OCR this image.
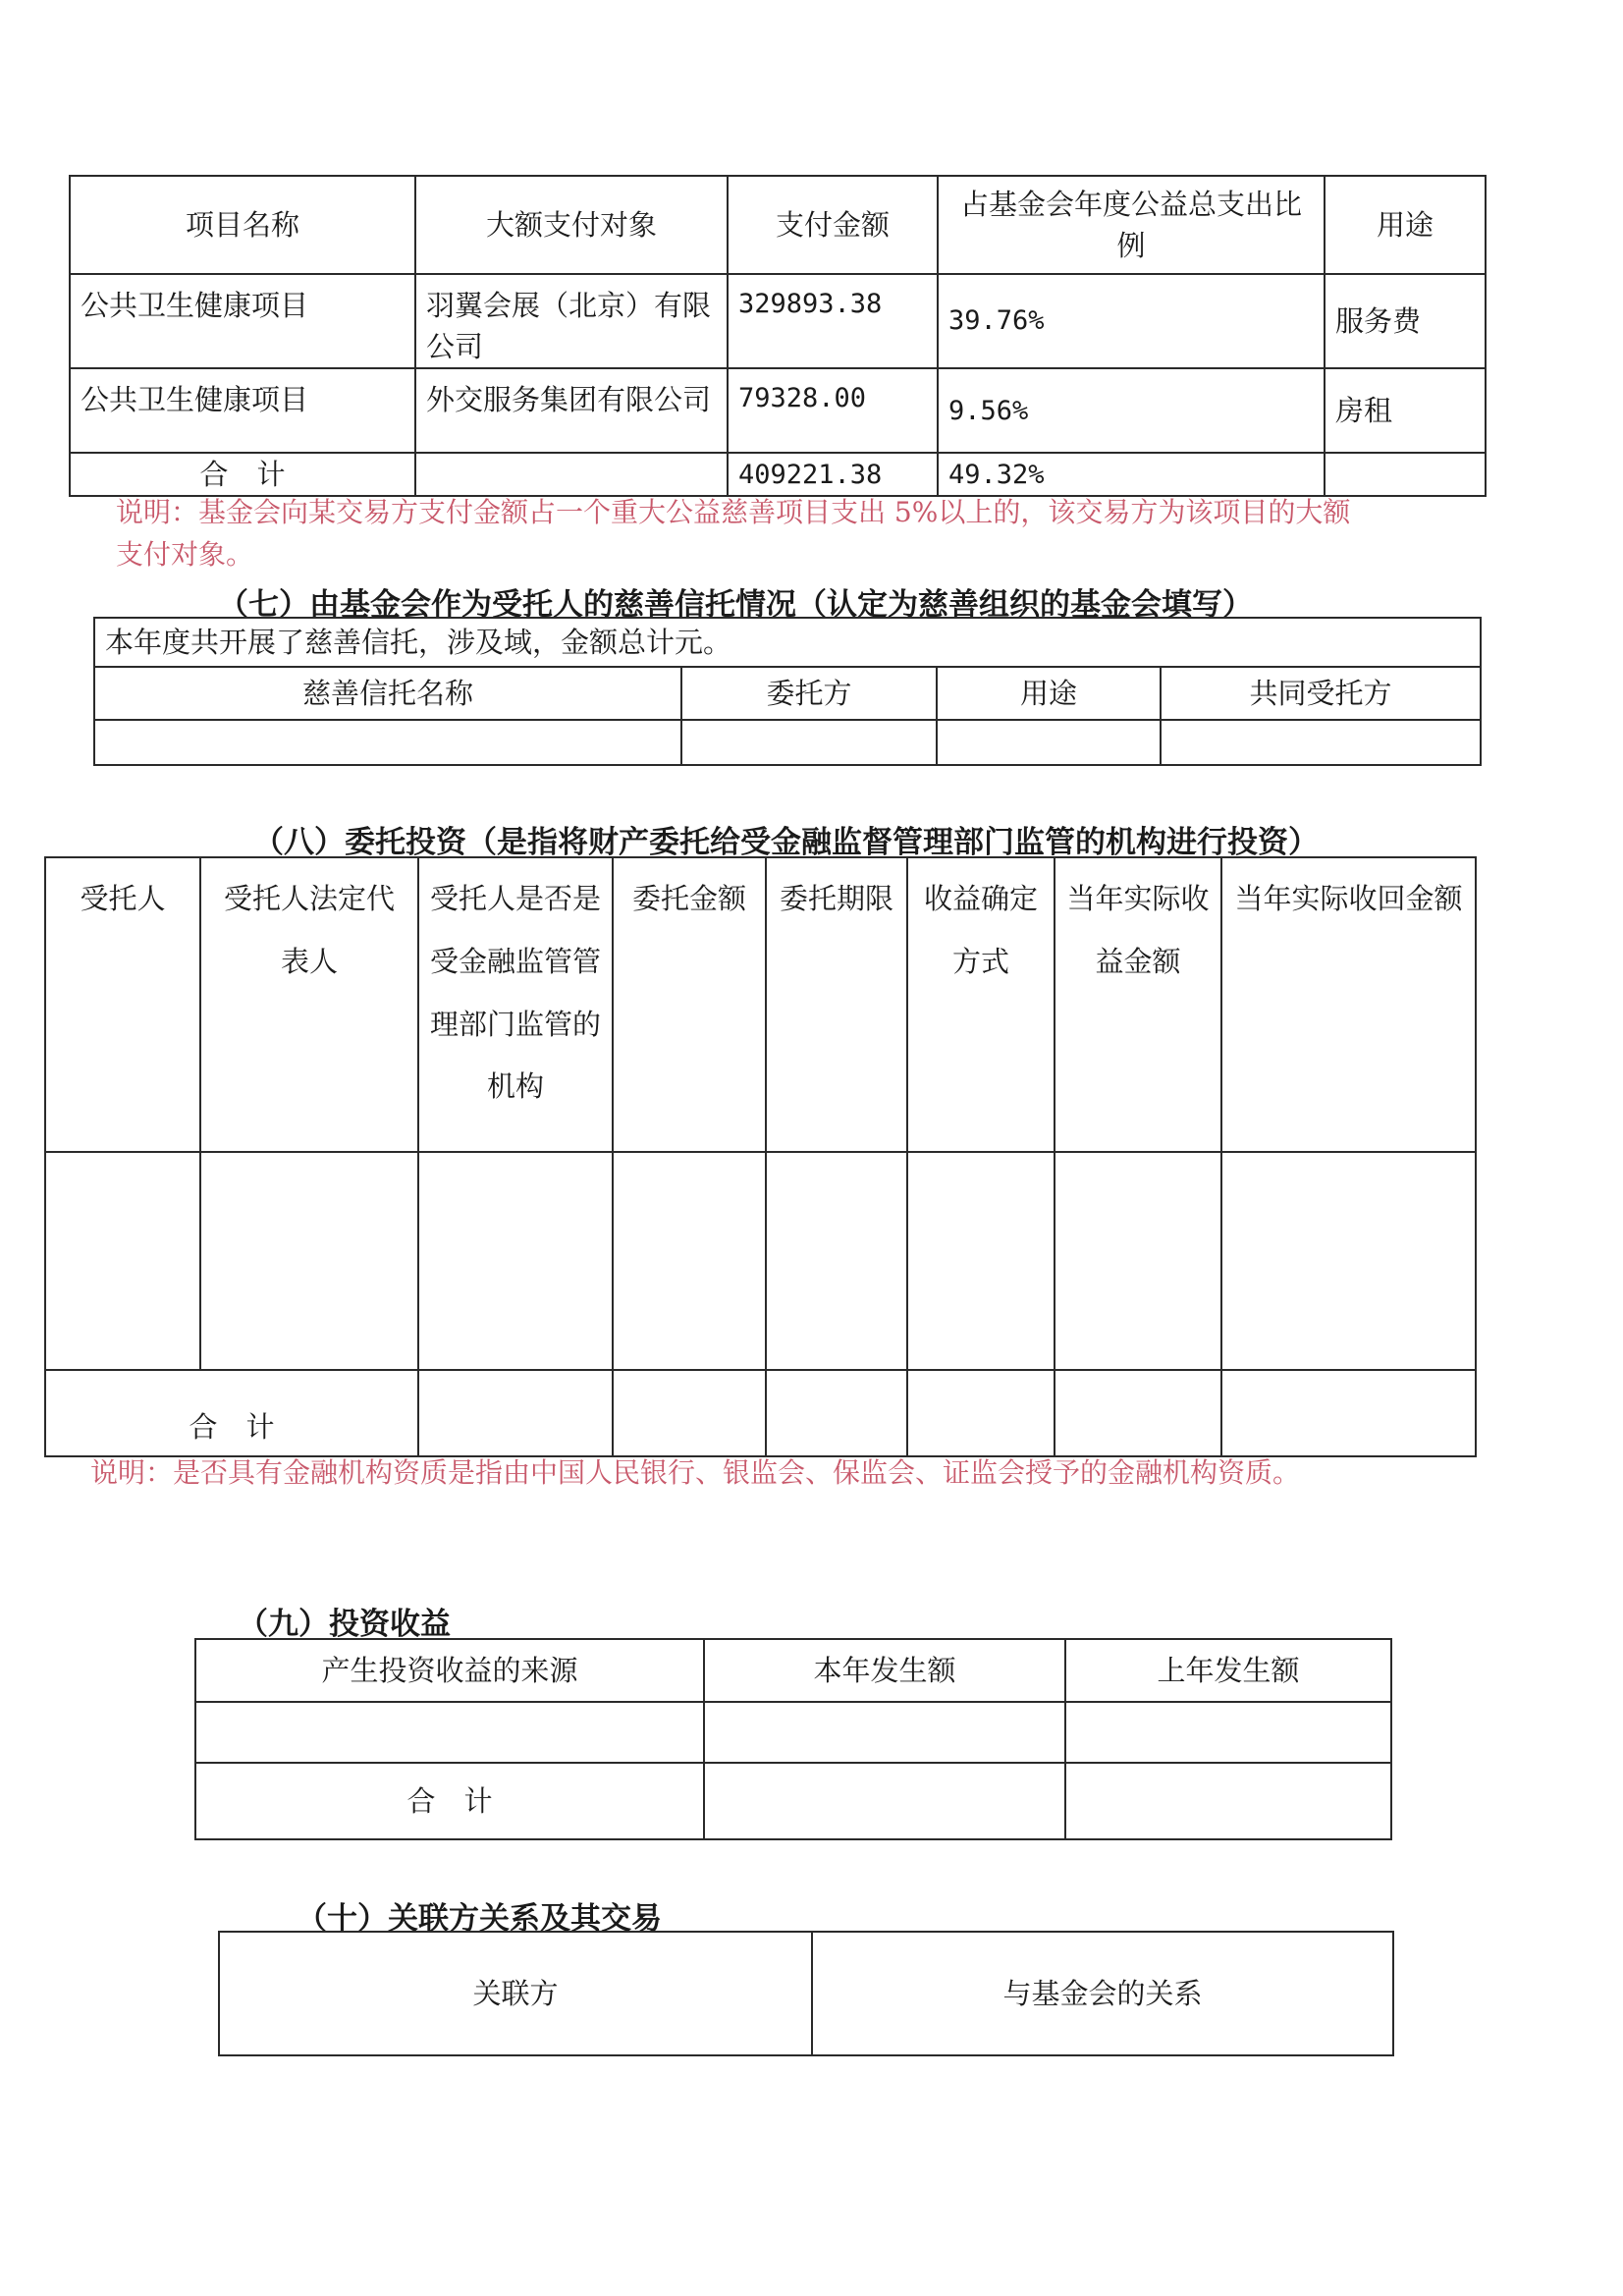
项目名称	大额支付对象	支付金额	占基金会年度公益总支出比例	用途
公共卫生健康项目	羽翼会展（北京）有限公司	329893.38	39.76%	服务费
公共卫生健康项目	外交服务集团有限公司	79328.00	9.56%	房租
合　计		409221.38	49.32%	
说明：基金会向某交易方支付金额占一个重大公益慈善项目支出 5%以上的，该交易方为该项目的大额支付对象。
（七）由基金会作为受托人的慈善信托情况（认定为慈善组织的基金会填写）
本年度共开展了慈善信托，涉及域，金额总计元。			
慈善信托名称	委托方	用途	共同受托方

（八）委托投资（是指将财产委托给受金融监督管理部门监管的机构进行投资）
受托人	受托人法定代表人	受托人是否是受金融监管管理部门监管的机构	委托金额	委托期限	收益确定方式	当年实际收益金额	当年实际收回金额

合　计							
说明：是否具有金融机构资质是指由中国人民银行、银监会、保监会、证监会授予的金融机构资质。
（九）投资收益
产生投资收益的来源	本年发生额	上年发生额

合　计		
（十）关联方关系及其交易
关联方	与基金会的关系
